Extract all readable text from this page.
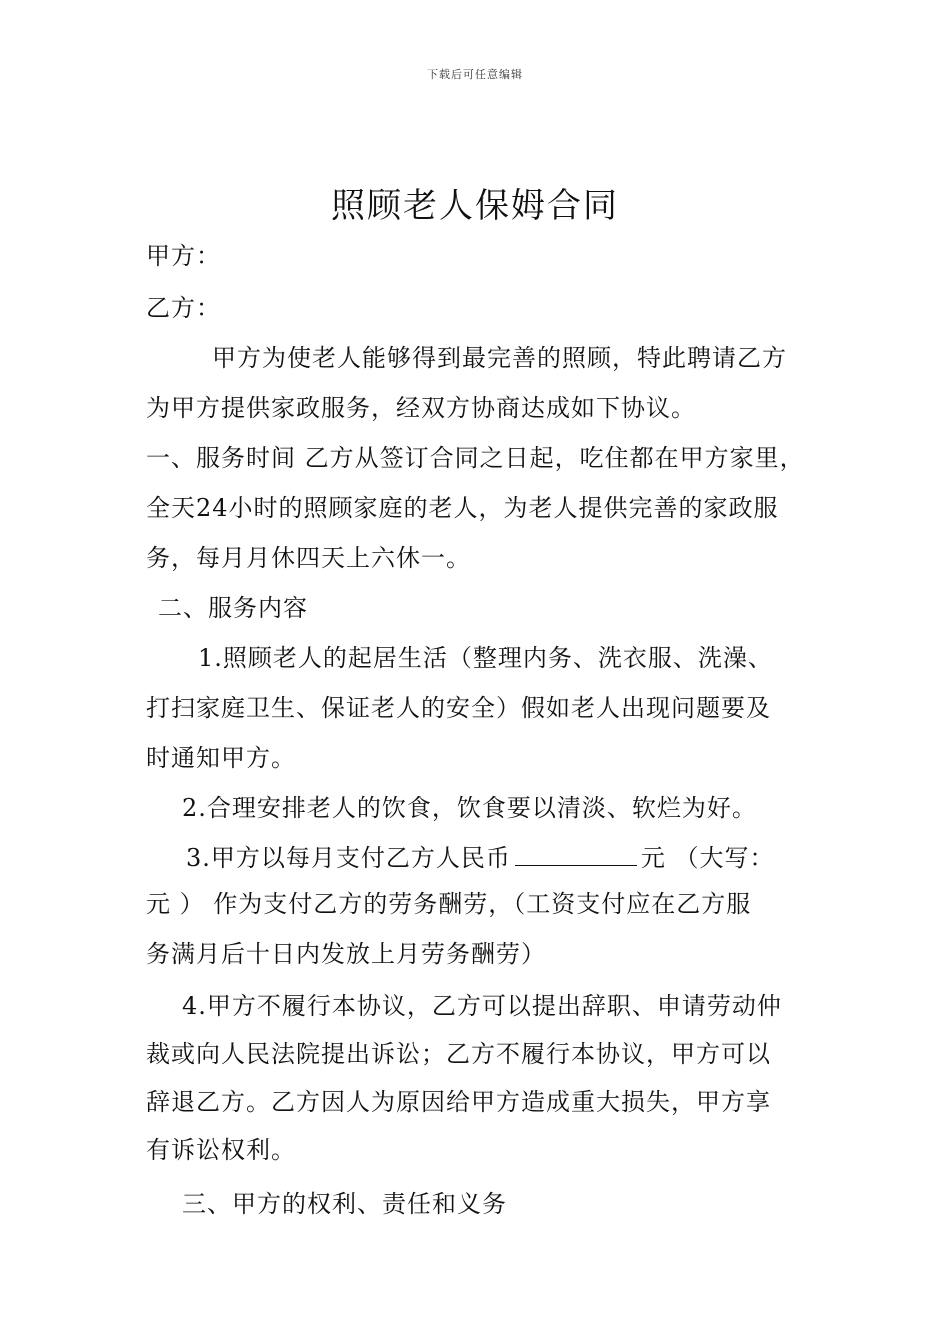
下载后可任意编辑
照顾老人保姆合同
甲方：
乙方：
甲方为使老人能够得到最完善的照顾，特此聘请乙方
为甲方提供家政服务，经双方协商达成如下协议。
一、服务时间 乙方从签订合同之日起，吃住都在甲方家里，
全天24小时的照顾家庭的老人，为老人提供完善的家政服
务，每月月休四天上六休一。
二、服务内容
1.照顾老人的起居生活（整理内务、洗衣服、洗澡、
打扫家庭卫生、保证老人的安全）假如老人出现问题要及
时通知甲方。
2.合理安排老人的饮食，饮食要以清淡、软烂为好。
3.甲方以每月支付乙方人民币	元 （大写：
元 ） 作为支付乙方的劳务酬劳，（工资支付应在乙方服
务满月后十日内发放上月劳务酬劳）
4.甲方不履行本协议，乙方可以提出辞职、申请劳动仲
裁或向人民法院提出诉讼；乙方不履行本协议，甲方可以
辞退乙方。乙方因人为原因给甲方造成重大损失，甲方享
有诉讼权利。
三、甲方的权利、责任和义务
